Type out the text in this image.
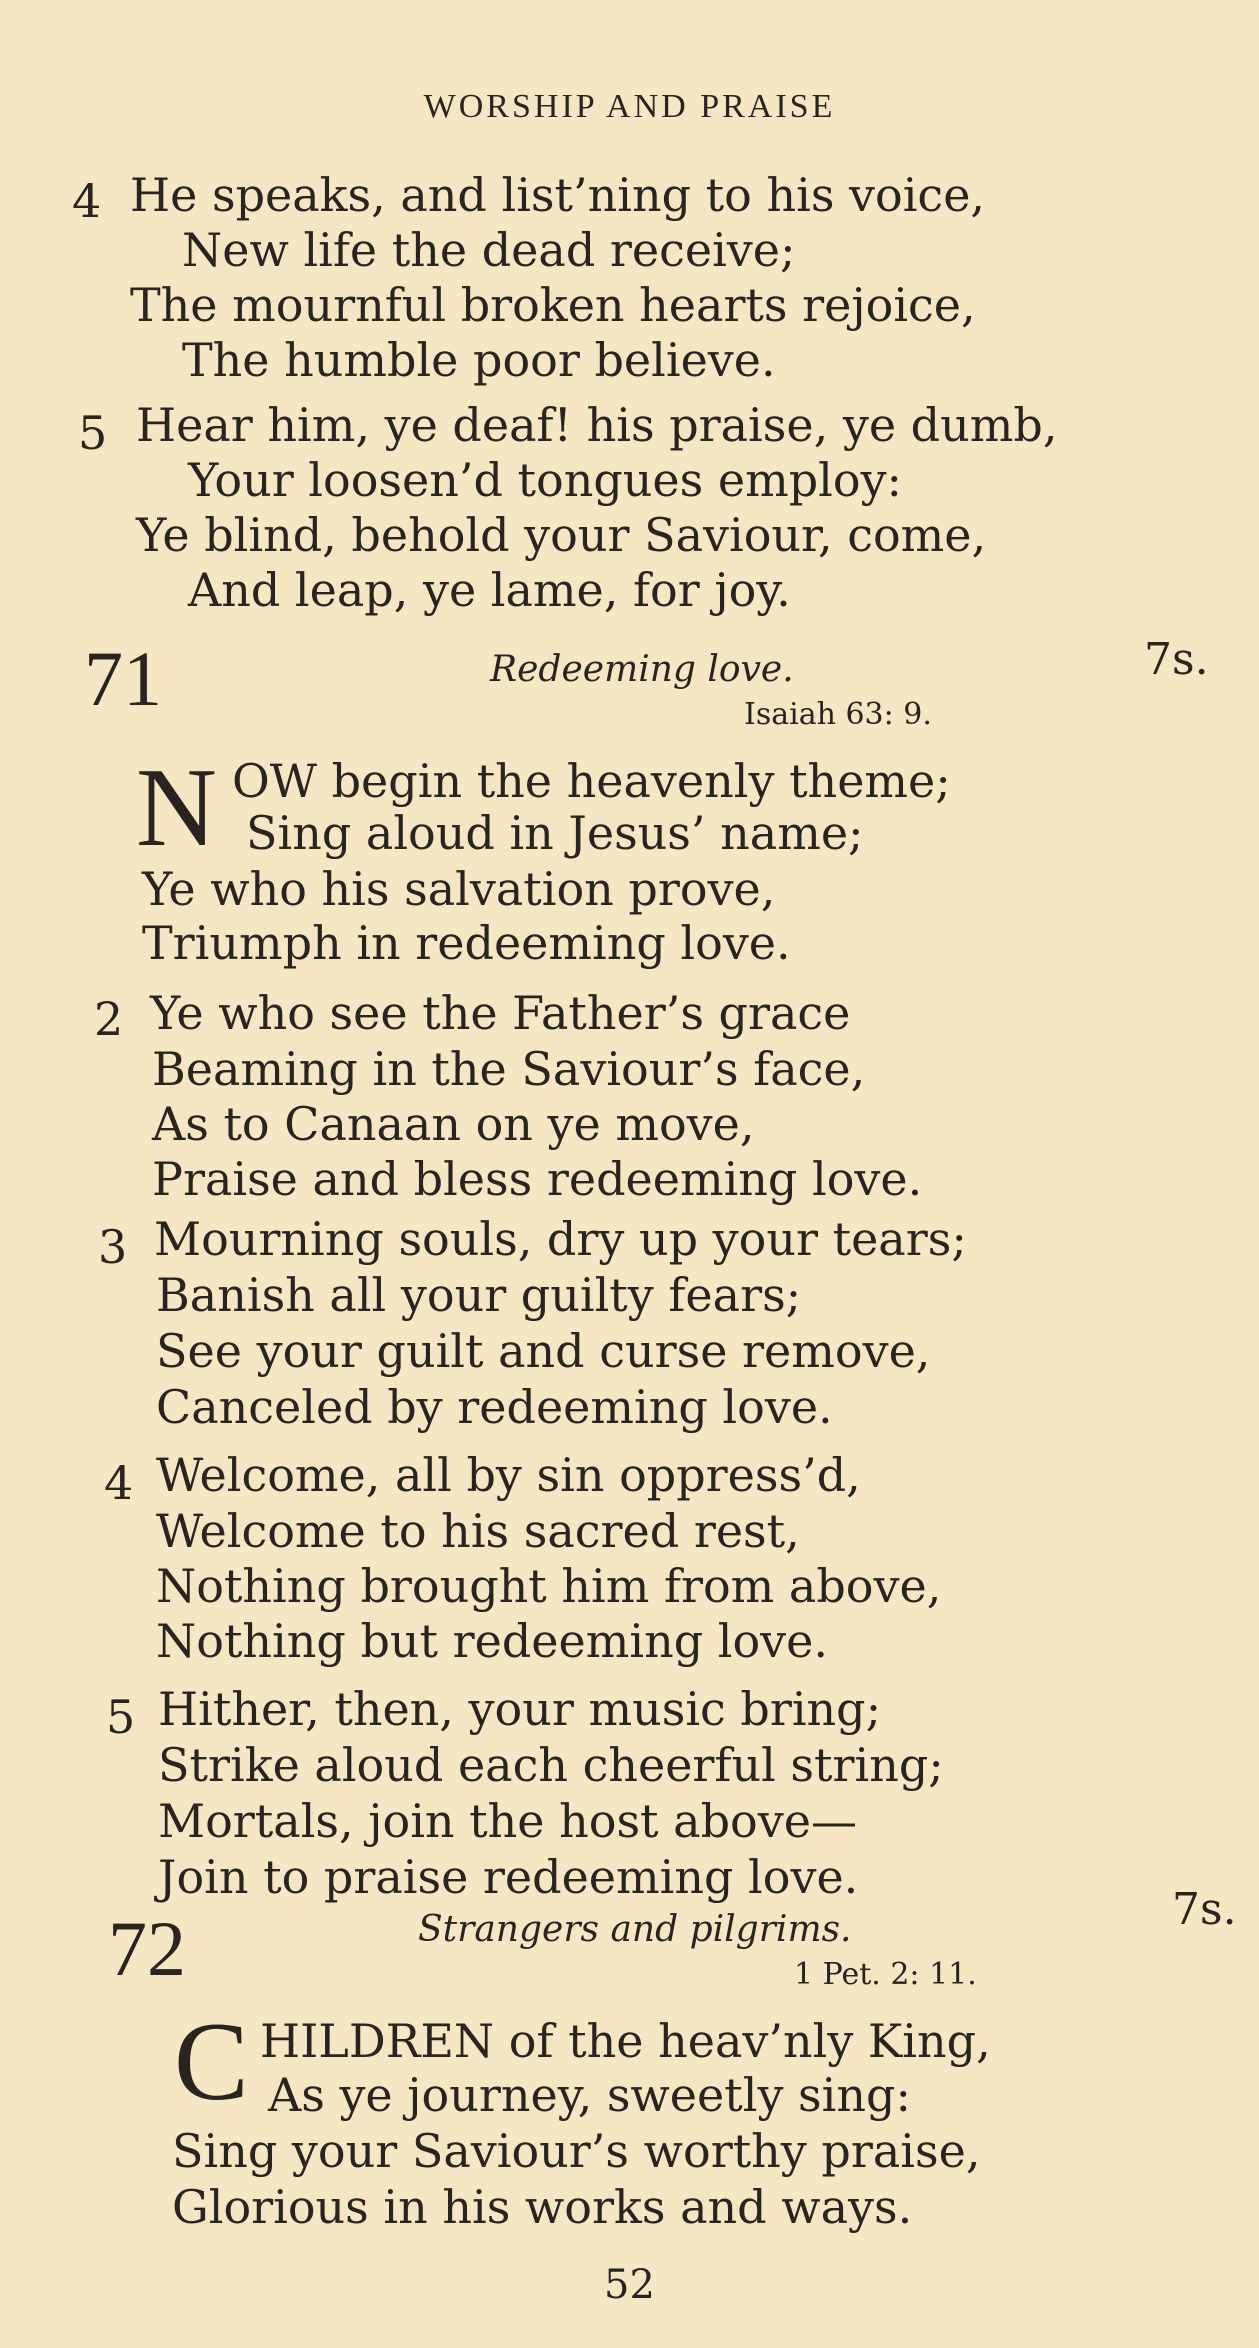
WORSHIP AND PRAISE
4 He speaks, and list’ning to his voice,
New life the dead receive;
The mournful broken hearts rejoice,
The humble poor believe.
5 Hear him, ye deaf! his praise, ye dumb,
Your loosen’d tongues employ:
Ye blind, behold your Saviour, come,
And leap, ye lame, for joy.
71	Redeeming love.
Isaiah 63: 9.
7s.
N OW begin the heavenly theme;
Sing aloud in Jesus’ name;
Ye who his salvation prove,
Triumph in redeeming love.
2 Ye who see the Father’s grace
Beaming in the Saviour’s face,
As to Canaan on ye move,
Praise and bless redeeming love.
3 Mourning souls, dry up your tears;
Banish all your guilty fears;
See your guilt and curse remove,
Canceled by redeeming love.
4 Welcome, all by sin oppress’d,
Welcome to his sacred rest,
Nothing brought him from above,
Nothing but redeeming love.
5 Hither, then, your music bring;
Strike aloud each cheerful string;
Mortals, join the host above—
Join to praise redeeming love.
72	Strangers and pilgrims.
1 Pet. 2: 11.
7s.
C HILDREN of the heav’nly King,
As ye journey, sweetly sing:
Sing your Saviour’s worthy praise,
Glorious in his works and ways.
52
